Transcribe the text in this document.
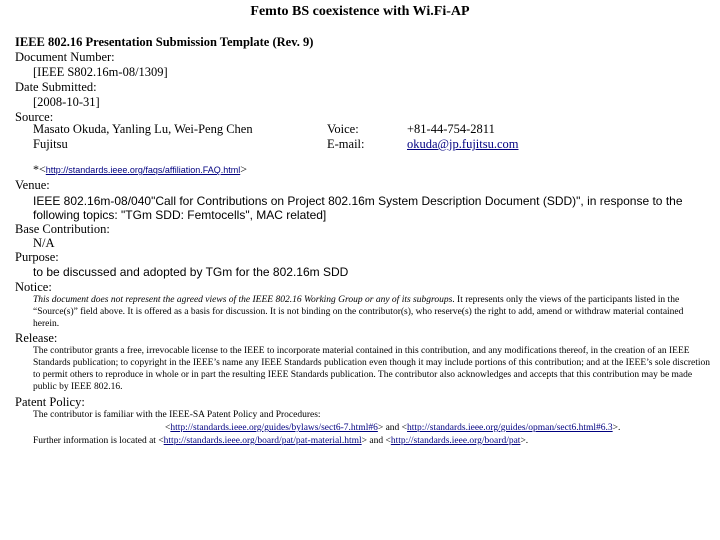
Femto BS coexistence with Wi.Fi-AP
IEEE 802.16 Presentation Submission Template (Rev. 9)
Document Number:
[IEEE S802.16m-08/1309]
Date Submitted:
[2008-10-31]
Source:
Masato Okuda, Yanling Lu, Wei-Peng Chen
Fujitsu
Voice:	+81-44-754-2811
E-mail:	okuda@jp.fujitsu.com
*<http://standards.ieee.org/faqs/affiliation.FAQ.html>
Venue:
IEEE 802.16m-08/040"Call for Contributions on Project 802.16m System Description Document (SDD)", in response to the
following topics: "TGm SDD: Femtocells", MAC related]
Base Contribution:
N/A
Purpose:
to be discussed and adopted by TGm for the 802.16m SDD
Notice:
This document does not represent the agreed views of the IEEE 802.16 Working Group or any of its subgroups. It represents only the views of the participants listed in the “Source(s)” field above. It is offered as a basis for discussion. It is not binding on the contributor(s), who reserve(s) the right to add, amend or withdraw material contained herein.
Release:
The contributor grants a free, irrevocable license to the IEEE to incorporate material contained in this contribution, and any modifications thereof, in the creation of an IEEE Standards publication; to copyright in the IEEE’s name any IEEE Standards publication even though it may include portions of this contribution; and at the IEEE’s sole discretion to permit others to reproduce in whole or in part the resulting IEEE Standards publication. The contributor also acknowledges and accepts that this contribution may be made public by IEEE 802.16.
Patent Policy:
The contributor is familiar with the IEEE-SA Patent Policy and Procedures:
<http://standards.ieee.org/guides/bylaws/sect6-7.html#6> and <http://standards.ieee.org/guides/opman/sect6.html#6.3>.
Further information is located at <http://standards.ieee.org/board/pat/pat-material.html> and <http://standards.ieee.org/board/pat>.
